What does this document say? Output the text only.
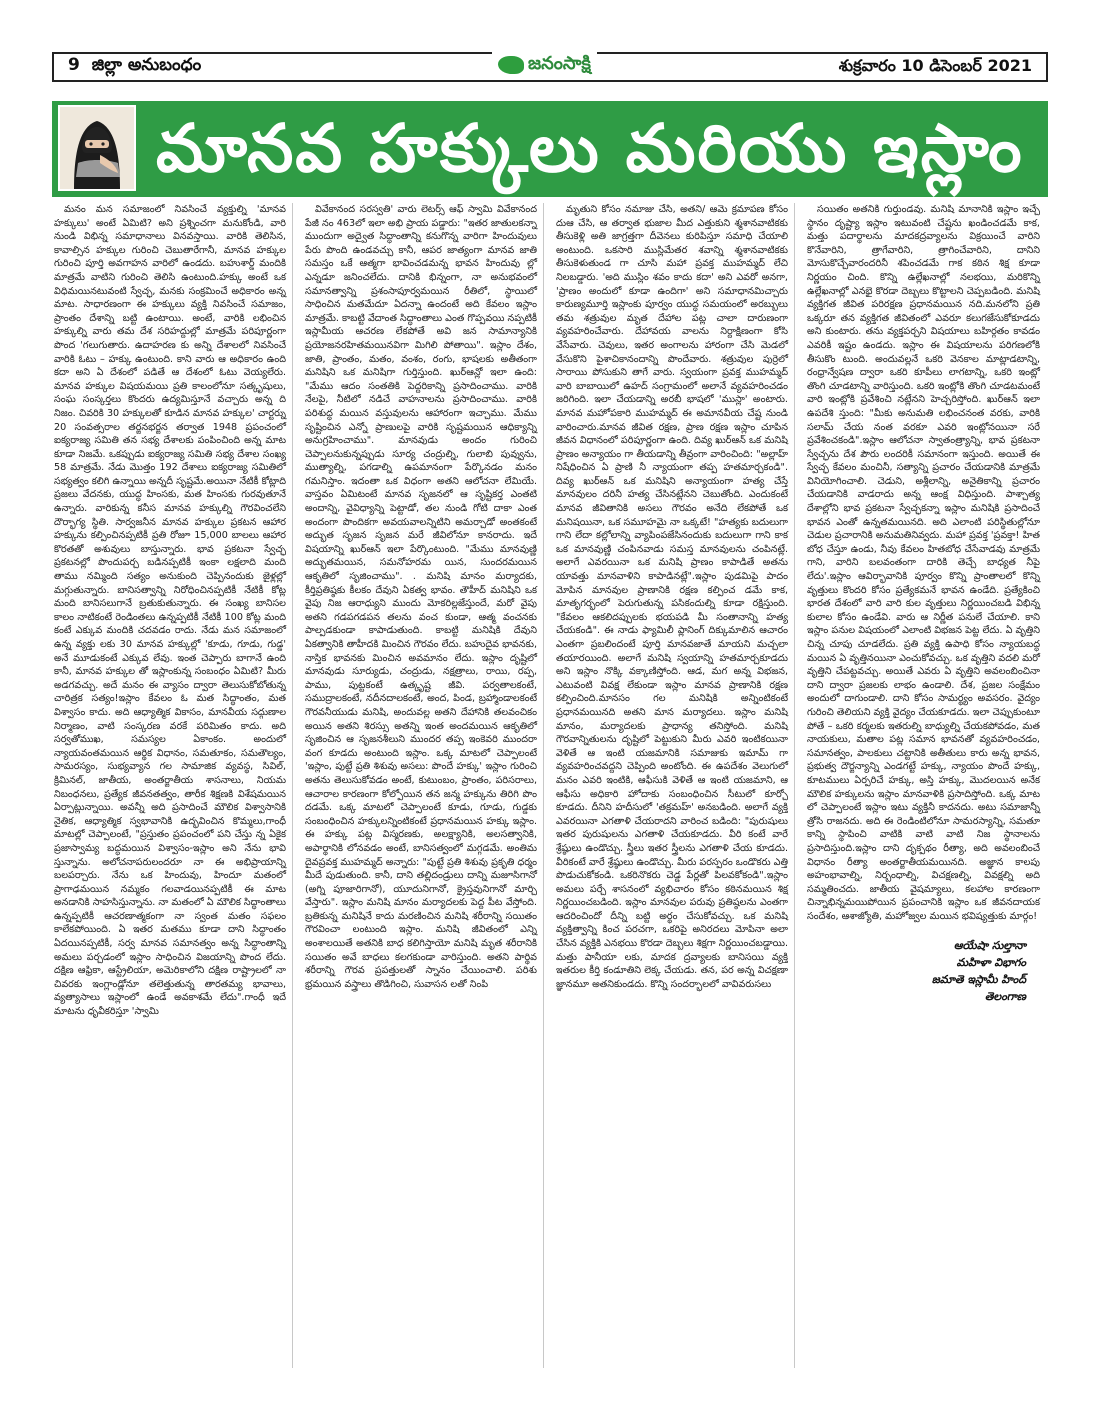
9 జిల్లా అనుబంధం	శుక్రవారం 10 డిసెంబర్ 2021
జనంసాక్షి
మానవ హక్కులు మరియు ఇస్లాం

మనం మన సమాజంలో నివసించే వ్యక్తుల్ని 'మానవ హక్కులు' అంటే ఏమిటి? అని ప్రశ్నించగా మనుకోండి, వారి నుండి విభిన్న సమాధానాలు వినవస్తాయి. వారికి తెలిసిన, కావాల్సిన హక్కుల గురించి చెబుతారేగానీ, మానవ హక్కుల గురించి పూర్తి అవగాహన వారిలో ఉండదు. బహుశార్డ్ మందికి మాత్రమే వాటిని గురించి తెలిసి ఉంటుంది.హక్కు అంటే ఒక విధిమయినటువంటి స్వేచ్ఛ, మనకు సంక్రమించే అధికారం అన్న మాట. సాధారణంగా ఈ హక్కులు వ్యక్తి నివసించే సమాజం, ప్రాంతం దేశాన్ని బట్టి ఉంటాయి. అంటే, వారికి లభించిన హక్కుల్ని వారు తమ దేశ సరిహద్దుల్లో మాత్రమే పరిపూర్ణంగా పొంద 'గలుగుతారు. ఉదాహరణ కు అన్ని దేశాలలో నివసించే వారికి ఓటు – హక్కు ఉంటుంది. కాని వారు ఆ అధికారం ఉంది కదా అని ఏ దేశంలో పడితే ఆ దేశంలో ఓటు వెయ్యలేరు. మానవ హక్కుల విషయమయి ప్రతి కాలంలోనూ సత్కృషులు, సంఘ సంస్కర్తలు కొందరు ఉద్యమిస్తూనే వచ్చారు అన్న ది నిజం. చివరికి 30 హక్కులతో కూడిన మానవ హక్కుల' చార్టర్ను 20 సంవత్సరాల తర్జనభర్జన తర్వాత 1948 ప్రపంచంలో ఐక్యరాజ్య సమితి తన సభ్య దేశాలకు పంపించింది అన్న మాట కూడా నిజమే. ఒకప్పుడు ఐక్యరాజ్య సమితి సభ్య దేశాల సంఖ్య 58 మాత్రమే. నేడు మొత్తం 192 దేశాలు ఐక్యరాజ్య సమితిలో సభ్యత్వం కలిగి ఉన్నాయి అన్నదీ సృష్టమే.అయినా నేటికీ కోట్లాది ప్రజలు వేదనకు, యుద్ధ హింసకు, మత హింసకు గురవుతూనే ఉన్నారు. వారికున్న కనీస మానవ హక్కుల్ని గౌరవించలేని దౌర్భాగ్య స్థితి. సార్వజనీన మానవ హక్కుల ప్రకటన ఆహార హక్కును కల్పించినప్పటికీ ప్రతి రోజూ 15,000 బాలలు ఆహార కొరతతో అశువులు బాస్తున్నారు. భావ ప్రకటనా స్వేచ్ఛ ప్రకటనల్లో పొందుపర్చ బడినప్పటికీ ఇంకా లక్షలాది మంది తాము నమ్మింది సత్యం అనుకుంది చెప్పినందుకు జైళ్లల్లో మగ్గుతున్నారు. బానిసత్వాన్ని నిరోధించినప్పటికీ నేటికీ కోట్ల మంది బానిసలుగానే బ్రతుకుతున్నారు. ఈ సంఖ్య బానిసల కాలం నాటికంటే రెండింతలు ఉన్నప్పటికీ నేటికీ 100 కోట్ల మంది కంటే ఎక్కువ మందికి చదవడం రాదు. నేడు మన సమాజంలో ఉన్న వ్యక్తు లకు 30 మానవ హక్కుల్లో 'కూడు, గూడు, గుడ్డ' అనే మూడుకంటే ఎక్కువ లేవు. ఇంత చెప్పారు బాగానే ఉంది కానీ, మానవ హక్కుల తో ఇస్లాంకున్న సంబంధం ఏమిటి? మీరు అడగవచ్చు. అదే మనం ఈ వ్యాసం ద్వారా తెలుసుకోబోతున్న చారిత్రక సత్యం!ఇస్లాం కేవలం ఓ మత సిద్ధాంతం, మత విశ్వాసం కాదు. అది ఆధ్యాత్మిక వికాసం, మానవీయ సద్గుణాల నిర్మాణం, వాటి సంస్కరణ వరకే పరిమితం కాదు. అది సర్వతోముఖ, సమస్యల ఏకాంకం. అందులో న్యాయవంతమయిన ఆర్థిక విధానం, సమతూకం, సమతౌల్యం, సామరస్యం, సుభ్యవ్యాన గల సామాజిక వ్యవస్థ, సివిల్, క్రిమినల్, జాతీయ, అంతర్జాతీయ శాసనాలు, నియమ నిబంధనలు, ప్రత్యేక జీవనతత్వం, తారీక శిక్షణకి విశేషమయిన ఏర్పాట్లున్నాయి. అవన్నీ అది ప్రసాదించే మౌలిక విశ్వాసానికి నైతిక, ఆధ్యాత్మిక స్వభావానికి ఉద్భవించిన కొమ్మలు,గాంధీ మాటల్లో చెప్పాలంటే, "ప్రస్తుతం ప్రపంచంలో పని చేస్తు న్న ఏకైక ప్రజాస్వామ్య బద్ధమయిన విశ్వాసం-ఇస్లాం అని నేను భావి స్తున్నాను. అలోచనాపరులందరూ నా ఈ అభిప్రాయాన్ని బలపర్చారు. నేను ఒక హిందువు, హిందూ మతంలో ప్రాగాఢమయిన నమ్మకం గలవాడయినప్పటికీ ఈ మాట అనడానికి సాహసిస్తున్నాను. నా మతంలో ఏ మౌలిక సిద్ధాంతాలు ఉన్నప్పటికీ ఆచరణాత్మకంగా నా స్వంత మతం సఫలం కాలేకపోయింది. ఏ ఇతర మతము కూడా దాని సిద్ధాంతం ఏదయినప్పటికీ, సర్వ మానవ సమానత్వం అన్న సిద్ధాంతాన్ని అమలు పర్చడంలో ఇస్లాం సాధించిన విజయాన్ని పొంద లేదు. దక్షిణ ఆఫ్రికా, ఆస్ట్రేలియా, అమెరికాలోని దక్షిణ రాష్ట్రాలలో నా చివరకు ఇంగ్లాండ్లోనూ తలెత్తుతున్న తారతమ్య భావాలు, వ్యత్యాసాలు ఇస్లాంలో ఉండే అవకాశమే లేదు".గాంధీ ఇదే మాటను ధృవీకరిస్తూ 'స్వామి

వివేకానంద సరస్వతి' వారు లెటర్స్ ఆఫ్ స్వామి వివేకానంద పేజీ నం 463లో ఇలా అభి ప్రాయ పడ్డారు: "ఇతర జాతులకన్నా ముందుగా అద్వైత సిద్ధాంతాన్ని కనుగొన్న వారిగా హిందువులు పేరు పొంది ఉండవచ్చు కానీ, ఆపర జాత్యంగా మానవ జాతి సమస్తం ఒకే ఆత్మగా భావించడమన్న భావన హిందువు ల్లో ఎన్నడూ జనించలేదు. దానికి భిన్నంగా, నా అనుభవంలో సమానత్వాన్ని ప్రశంసాపూర్వమయిన రీతిలో, స్థాయిలో సాధించిన మతమేదూ ఏదన్నా ఉందంటే అది కేవలం ఇస్లాం మాత్రమే. కాబట్టి వేదాంత సిద్ధాంతాలు ఎంత గొప్పవయి నప్పటికీ ఇస్లామీయ ఆచరణ లేకపోతే అవి జన సామాన్యానికి ప్రయోజనరహితమయినవిగా మిగిలి పోతాయి". ఇస్లాం దేశం, జాతి, ప్రాంతం, మతం, వంశం, రంగు, భాషలకు అతీతంగా మనిషిని ఒక మనిషిగా గుర్తిస్తుంది. ఖుర్ఆన్లో ఇలా ఉంది: "మేము ఆదం సంతతికి పెద్దరికాన్ని ప్రసాదించాము. వారికి నేలపై, నీటిలో నడిచే వాహనాలను ప్రసాదించాము. వారికి పరిశుద్ధ మయిన వస్తువులను ఆహారంగా ఇచ్చాము. మేము సృష్టించిన ఎన్నో ప్రాణులపై వారికి సృష్టమయిన ఆధిక్యాన్ని అనుగ్రహించాము". మానవుడు అందం గురించి చెప్పాలనుకున్నప్పుడు సూర్య చంద్రుల్ని, గులాబి పువ్వును, ముత్యాల్ని, పగడాల్ని ఉపమానంగా పేర్కొనడం మనం గమనిస్తాం. ఇదంతా ఒక విధంగా అతని ఆలోచనా లేమియే. వాస్తవం ఏమిటంటే మానవ సృజనలో ఆ సృష్టికర్త ఎంతటి అందాన్ని, వైవిధ్యాన్ని పెట్టాడో, తల నుండి గోటి దాకా ఎంత అందంగా పొందికగా అవయవాలన్నిటిని అమర్చాడో అంతకంటే అద్భుత సృజన సృజన మరే జీవిలోనూ కానరాదు. ఇదే విషయాన్ని ఖుర్ఆన్ ఇలా పేర్కొంటుంది. "మేము మానవుణ్ణి అద్భుతమయిన, సమనోహరమ యిన, సుందరమయిన ఆకృతిలో సృజించాము". . మనిషి మానం మర్యాదకు, కీర్తిప్రతిష్ఠకు కీలకం దేవుని ఏకత్వ భావం. తౌహీద్ మనిషిని ఒక వైపు నిజ ఆరాధ్యుని ముందు మోకరిల్లజేస్తుందే, మరో వైపు అతని గడపగడపన తలను వంచ కుండా, ఆత్మ వంచనకు పాల్పడకుండా కాపాడుతుంది. కాబట్టి మనిషికి దేవుని ఏకత్వానికి తాహీదకి మించిన గౌరవం లేదు. బహుదైవ భావనకు, నాస్తిక భావనకు మించిన అవమానం లేదు. ఇస్లాం దృష్టిలో మానవుడు సూర్యుడు, చంద్రుడు, నక్షత్రాలు, రాయి, రప్ప, పాము, పుట్టకంటే ఉత్కృష్ట జీవి. పర్వతాలకంటే, సముద్రాలకంటే, నదీనదాలకంటే, అంద, పిండ, బ్రహ్మాండాలకంటే గౌరవనీయుడు మనిషి, అందువల్ల అతని దేహానికి తలవంచికం అయిన అతని శిరస్సు అతన్ని ఇంత అందమయిన ఆకృతిలో సృజించిన ఆ సృజనశీలుని ముందర తప్ప ఇంకెవరి ముందరా వంగ కూడదు అంటుంది ఇస్లాం. ఒక్క మాటలో చెప్పాలంటే 'ఇస్లాం, పుట్టే ప్రతి శిశువు అసలు: పొందే హక్కు' ఇస్లాం గురించి అతను తెలుసుకోవడం అంటే, కుటుంబం, ప్రాంతం, పరిసరాలు, ఆచారాల కారణంగా కోల్పోయిన తన జన్మ హక్కును తిరిగి పొం దడమే. ఒక్క మాటలో చెప్పాలంటే కూడు, గూడు, గుడ్డకు సంబంధించిన హక్కులన్నింటికంటే ప్రధానమయిన హక్కు ఇస్లాం. ఈ హక్కు పట్ల విస్మరణకు, అలక్ష్యానికి, అలసత్వానికి, అపార్థానికి లోనవడం అంటే, బానిసత్వంలో మగ్గడమే. అంతిమ దైవప్రవక్త ముహమ్మద్ అన్నారు: "పుట్టే ప్రతి శిశువు ప్రకృతి ధర్మం మీదే పుడుతుంది. కానీ, దాని తల్లిదండ్రులు దాన్ని మజూసిగానో (అగ్ని పూజారిగానో), యూదునిగానో, క్రైస్తవునిగానో మార్చి వేస్తారు". ఇస్లాం మనిషి మానం మర్యాదలకు పెద్ద పీట వేస్తోంది. బ్రతికున్న మనిషినే కాదు మరణించిన మనిషి శరీరాన్ని సయితం గౌరవించా లంటుంది ఇస్లాం. మనిషి జీవితంలో ఎన్ని అంశాలయితే అతనికి బాధ కలిగిస్తాయో మనిషి మృత శరీరానికి సయితం అవే బాధలు కలగకుండా వారిస్తుంది. అతని పార్థివ శరీరాన్ని గౌరవ ప్రపత్తులతో స్నానం చేయించాలి. పరిశు భ్రమయిన వస్త్రాలు తొడిగించి, సువాసన లతో నింపి

మృతుని కోసం నమాజు చేసి, అతని/ ఆమె క్రమాపణ కోసం దుఆ చేసి, ఆ తర్వాత భుజాల మీద ఎత్తుకుని శ్మశానవాటికకు తీసుకెళ్లి అతి జాగ్రత్తగా దీవెనలు కురిపిస్తూ సమాధి చేయాలి అంటుంది. ఒకసారి ముస్లిమేతర శవాన్ని శ్మశానవాటికకు తీసుకెళుతుండ గా చూసి మహా ప్రవక్త ముహమ్మద్ లేచి నిలబడ్డారు. 'అది ముస్లిం శవం కాదు కదా' అని ఎవరో అనగా, 'ప్రాణం అందులో కూడా ఉందిగా' అని సమాధానమిచ్చారు కారుణ్యమూర్తి ఇస్లాంకు పూర్వం యుద్ధ సమయంలో అరబ్బులు తమ శత్రువుల మృత దేహాల పట్ల చాలా దారుణంగా వ్యవహరించేవారు. దేహావయ వాలను నిర్దాక్షిణంగా కోసి వేసేవారు. చెవులు, ఇతర అంగాలను హారంగా చేసి మెడలో వేసుకొని పైశాచికానందాన్ని పొందేవారు. శత్రువుల పుర్రెలో సారాయి పోసుకుని తాగే వారు. స్వయంగా ప్రవక్త ముహమ్మద్ వారి బాబాయిలో ఉహద్ సంగ్రామంలో అలానే వ్యవహరించడం జరిగింది. ఇలా చేయడాన్ని అరబీ భాషలో 'ముస్లా' అంటారు. మానవ మహోపకారి ముహమ్మద్ ఈ అమానవీయ చేష్ట నుండి వారించారు.మానవ జీవిత రక్షణ, ప్రాణ రక్షణ ఇస్లాం చూపిన జీవన విధానంలో పరిపూర్ణంగా ఉంది. దివ్య ఖుర్ఆన్ ఒక మనిషి ప్రాణం అన్యాయం గా తీయడాన్ని తీవ్రంగా వారించింది: "అల్లాహ్ నిషేధించిన ఏ ప్రాణి నీ న్యాయంగా తప్ప హతమార్చకండి". దివ్య ఖుర్ఆన్ ఒక మనిషిని అన్యాయంగా హత్య చేస్తే మానవులం దరినీ హత్య చేసినట్లేనని చెబుతోంది. ఎందుకంటే మానవ జీవితానికి అసలు గౌరవం అనేది లేకపోతే ఒక మనిషయినా, ఒక సమూహమై నా ఒక్కటే! "హత్యకు బదులుగా గాని లేదా కల్లోలాన్ని వ్యాపింపజేసినందుకు బదులుగా గాని కాక ఒక మానవుణ్ణి చంపినవాడు సమస్త మానవులను చంపినట్లే. అలాగే ఎవరయినా ఒక మనిషి ప్రాణం కాపాడితే అతను యావత్తు మానవాళిని కాపాడినట్లే".ఇస్లాం పుడమిపై పాదం మోపిన మానవుల ప్రాణానికి రక్షణ కల్పించ డమే కాక, మాతృగర్భంలో పెరుగుతున్న పసికందుల్ని కూడా రక్షిస్తుంది. "కేవలం ఆకలిదప్పులకు భయపడి మీ సంతానాన్ని హత్య చేయకండి". ఈ నాడు ఫ్యామిలీ ప్లానింగ్ దిక్కుమాలిన ఆచారం ఎంతగా ప్రబలిందంటే పూర్తి మానవజాతే మాయని మచ్చలా తయారయింది. అలాగే మనిషి స్వయాన్ని హతమార్చకూడదు అని ఇస్లాం నొక్కి వక్కాణిస్తోంది. ఆడ, మగ అన్న విభజన, ఎటువంటి వివక్ష లేకుండా ఇస్లాం మానవ ప్రాణానికి రక్షణ కల్పించింది.మానసం గల మనిషికి అన్నింటికంటే ప్రధానమయినది అతని మాన మర్యాదలు. ఇస్లాం మనిషి మానం, మర్యాదలకు ప్రాధాన్య తనిస్తోంది. మనిషి గౌరవాన్నితులను దృష్టిలో పెట్టుకుని మీరు ఎవరి ఇంటికయినా వెళితే ఆ ఇంటి యజమానికి సమాజుకు ఇమామ్ గా వ్యవహరించవద్దని చెప్పింది అంటోంది. ఈ ఉపదేశం వెలుగులో మనం ఎవరి ఇంటికి, ఆఫీసుకి వెళితే ఆ ఇంటి యజమాని, ఆ ఆఫీసు అధికారి హోదాకు సంబంధించిన సీటులో కూర్చో కూడదు. దీనిని హదీసులో 'తక్రమహ్' అనబడింది. అలాగే వ్యక్తి ఎవరయినా ఎగతాళి చేయరాదని వారించ బడింది: "పురుషులు ఇతర పురుషులను ఎగతాళి చేయకూడదు. వీరి కంటే వారే శ్రేష్ఠులు ఉండొచ్చు. స్త్రీలు ఇతర స్త్రీలను ఎగతాళి చేయ కూడదు. వీరికంటే వారే శ్రేష్ఠులు ఉండొచ్చు. మీరు పరస్పరం ఒండొకరు ఎత్తి పొడుచుకోకండి. ఒకరినొకరు చెడ్డ పేర్లతో పిలవకోకండి".ఇస్లాం అమలు పర్చే శాసనంలో వ్యభిచారం కోసం కఠినమయిన శిక్ష నిర్ణయించబడింది. ఇస్లాం మానవుల పరువు ప్రతిష్ఠలను ఎంతగా ఆదరించిందో దీన్ని బట్టి అర్థం చేసుకోవచ్చు. ఒక మనిషి వ్యక్తిత్వాన్ని కించ పరచగా, ఒకరిపై అనిరదలు మోపినా అలా చేసిన వ్యక్తికి ఎనభయి కొరడా దెబ్బలు శిక్షగా నిర్ణయించబడ్డాయి. మత్తు పానీయా లకు, మాదక ద్రవ్యాలకు బానిసయి వ్యక్తి ఇతరుల కీర్తి కండూతిని లెక్క చేయడు. తన, పర అన్న విచక్షణా జ్ఞానమూ అతనికుండదు. కొన్ని సందర్భాలలో వావివరుసలు

సయితం అతనికి గుర్తుండవు. మనిషి మానానికి ఇస్లాం ఇచ్చే స్థానం దృష్ట్యా ఇస్లాం ఇటువంటి చేష్టను ఖండించడమే కాక, మత్తు పదార్థాలను మాదకద్రవ్యాలను విక్రయించే వారిని కొనేవారిని, త్రాగేవారిని, త్రాగించేవారిని, దానిని మోసుకొచ్చేవారందరినీ శపించడమే గాక కఠిన శిక్ష కూడా నిర్ణయం చింది. కొన్ని ఉల్లేఖనాల్లో నలభయి, మరికొన్ని ఉల్లేఖనాల్లో ఎనభై కొరడా దెబ్బలు కొట్టాలని చెప్పబడింది. మనిషి వ్యక్తిగత జీవిత పరిరక్షణ ప్రధానమయిన నది.మనలోని ప్రతి ఒక్కరూ తన వ్యక్తిగత జీవితంలో ఎవరూ కలుగజేసుకోకూడదు అని కుంటారు. తను వ్యక్తపర్చని విషయాలు బహిర్గతం కావడం ఎవరికీ ఇష్టం ఉండదు. ఇస్లాం ఈ విషయాలను పరిగణలోకి తీసుకొం టుంది. అందువల్లనే ఒకరి వెనకాల మాట్లాడటాన్ని, రంధ్రాన్వేషణ ద్వారా ఒకరి కూపీలు లాగటాన్ని, ఒకరి ఇంట్లో తొంగి చూడటాన్ని వారిస్తుంది. ఒకరి ఇంట్లోకి తొంగి చూడటమంటే వారి ఇంట్లోకి ప్రవేశించి నట్లేనని హెచ్చరిస్తోంది. ఖుర్ఆన్ ఇలా ఉపదేశి స్తుంది: "మీకు అనుమతి లభించనంత వరకు, వారికి సలామ్ చేయ నంత వరకూ ఎవరి ఇంట్లోనయినా సరే ప్రవేశించకండి".ఇస్లాం ఆలోచనా స్వాతంత్ర్యాన్ని, భావ ప్రకటనా స్వేచ్ఛను దేశ పౌరు లందరికీ సమానంగా ఇస్తుంది. అయితే ఈ స్వేచ్ఛ కేవలం మంచినీ, సత్యాన్ని ప్రచారం చేయడానికి మాత్రమే వినియోగించాలి. చెడుని, అశ్లీలాన్ని, అనైతికాన్ని ప్రచారం చేయడానికి వాడరాదు అన్న ఆంక్ష విధిస్తుంది. పాశ్చాత్య దేశాల్లోని భావ ప్రకటనా స్వేచ్ఛకన్నా ఇస్లాం మనిషికి ప్రసాదించే భావన ఎంతో ఉన్నతమయినది. అది ఎలాంటి పరిస్థితుల్లోనూ చెడుల ప్రచారానికి అనుమతినివ్వదు. మహా ప్రవక్త 'ప్రవక్తా! హిత బోధ చేస్తూ ఉండు, నీవు కేవలం హితబోధ చేసేవాడవు మాత్రమే గాని, వారిని బలవంతంగా దారికి తెచ్చే బాధ్యత నీపై లేదు'.ఇస్లాం ఆవిర్భావానికి పూర్వం కొన్ని ప్రాంతాలలో కొన్ని వృత్తులు కొందరి కోసం ప్రత్యేకమనే భావన ఉండేది. ప్రత్యేకించి భారత దేశంలో వారి వారి కుల వృత్తులు నిర్ణయించబడి విభిన్న కులాల కోసం ఉండేవి. వారు ఆ నిర్ణీత పనులే చేయాలి. కాని ఇస్లాం పనుల విషయంలో ఎలాంటి విభజన పెట్ట లేదు. ఏ వృత్తిని చిన్న చూపు చూడలేదు. ప్రతి వ్యక్తి ఉపాధి కోసం న్యాయబద్ధ మయిన ఏ వృత్తినయినా ఎంచుకోవచ్చు. ఒక వృత్తిని వదలి మరో వృత్తిని చేపట్టవచ్చు. అయితే ఎవరు ఏ వృత్తిని అవలంబించినా దాని ద్వారా ప్రజలకు లాభం ఉండాలి. దేశ, ప్రజల సంక్షేమం అందులో దాగుండాలి. దాని కోసం సామర్థ్యం అవసరం. వైద్యం గురించి తెలియని వ్యక్తి వైద్యం చేయకూడదు. ఇలా చెప్పుకుంటూ పోతే – ఒకరి కర్మలకు ఇతరుల్ని బాధ్యుల్ని చేయకపోవడం, మత నాయకులు, మతాల పట్ల సమాన భావనతో వ్యవహరించడం, సమానత్వం, పాలకులు చట్టానికి అతీతులు కారు అన్న భావన, ప్రభుత్వ దౌర్జన్యాన్ని ఎండగట్టే హక్కు, న్యాయం పొందే హక్కు, కూటములు ఏర్పరిచే హక్కు, అస్తి హక్కు, మొదలయిన అనేక మౌలిక హక్కులను ఇస్లాం మానవాళికి ప్రసాదిస్తోంది. ఒక్క మాట లో చెప్పాలంటే ఇస్లాం ఇటు వ్యక్తినీ కాదనదు. అటు సమాజాన్నీ త్రోసి రాజనదు. అది ఈ రెండింటిలోనూ సామరస్యాన్ని, సమతూ కాన్ని స్థాపించి వాటికి వాటి వాటి నిజ స్థానాలను ప్రసాదిస్తుంది.ఇస్లాం దాని దృక్పథం రీత్యా, అది అవలంబించే విధానం రీత్యా అంతర్జాతీయమయినది. అజ్ఞాన కాలపు అహంభావాల్ని, నిర్బంధాల్ని, విచక్షణల్ని, వివక్షల్ని అది సమ్మతించదు. జాతీయ వైషమ్యాలు, కలహాల కారణంగా చిన్నాభిన్నమయిపోయిన ప్రపంచానికి ఇస్లాం ఒక జీవనదాయక సందేశం, ఆశాజ్యోతి, మహోజ్వల మయిన భవిష్యత్తుకు మార్గం!

ఆయేషా సుల్తానా
మహిళా విభాగం
జమాతె ఇస్లామీ హింద్
తెలంగాణ
